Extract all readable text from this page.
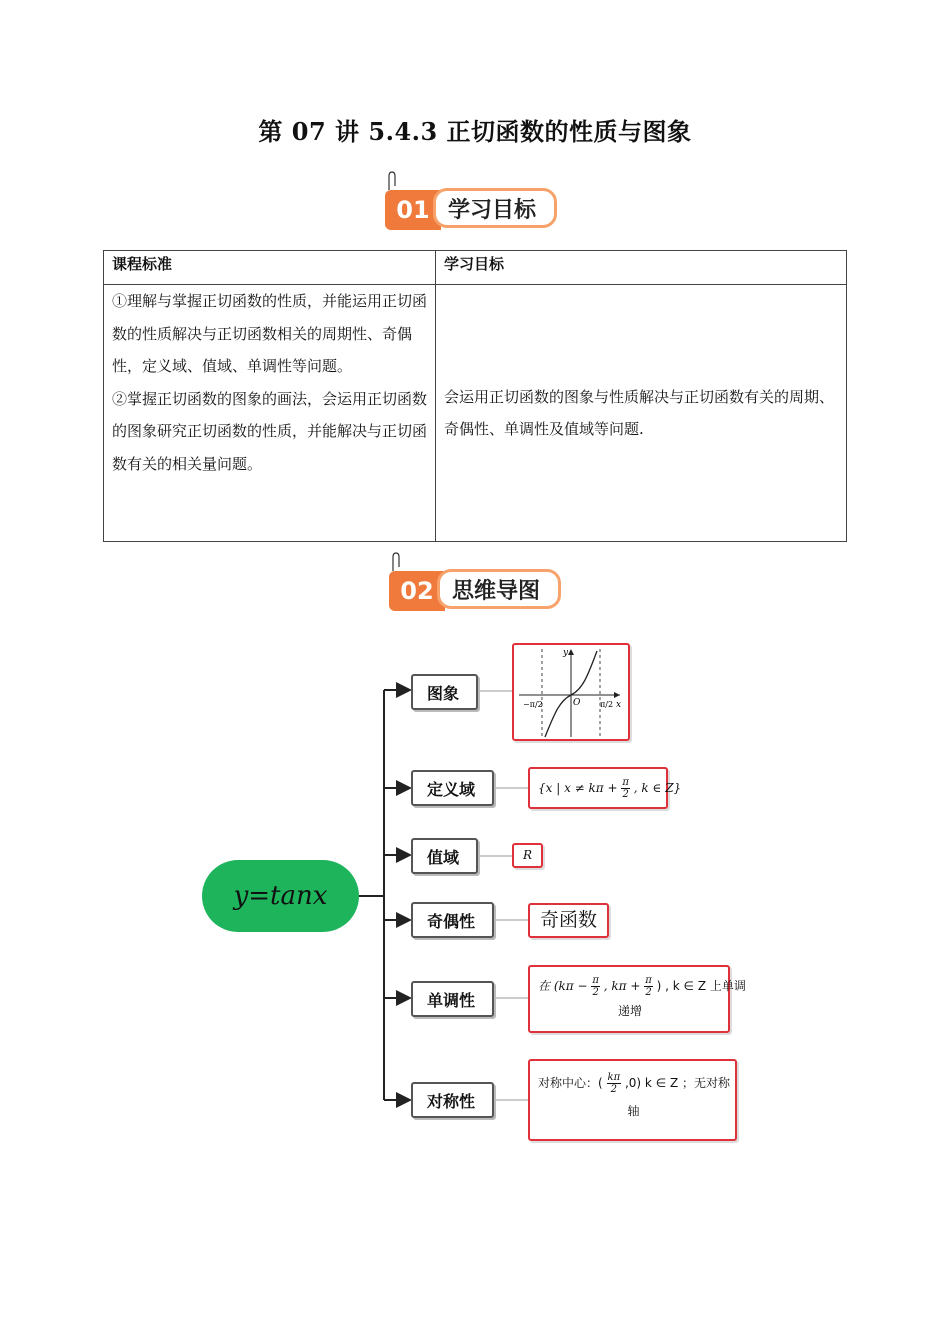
第 07 讲 5.4.3 正切函数的性质与图象
01 学习目标
课程标准	学习目标

①理解与掌握正切函数的性质，并能运用正切函数的性质解决与正切函数相关的周期性、奇偶性，定义域、值域、单调性等问题。

②掌握正切函数的图象的画法，会运用正切函数的图象研究正切函数的性质，并能解决与正切函数有关的相关量问题。	会运用正切函数的图象与性质解决与正切函数有关的周期、奇偶性、单调性及值域等问题.
02 思维导图
y=tanx
图象
定义域
值域
奇偶性
单调性
对称性
y
x
O
−π/2	π/2
{x | $x \ne k\pi + \frac{\pi}{2}$ , k ∈ Z}
R
奇函数
在 ($k\pi - \frac{\pi}{2}$ , $k\pi + \frac{\pi}{2}$ ) , k ∈ Z 上单调
递增
对称中心：( $\frac{k\pi}{2} ,0$) k ∈ Z ；无对称
轴
